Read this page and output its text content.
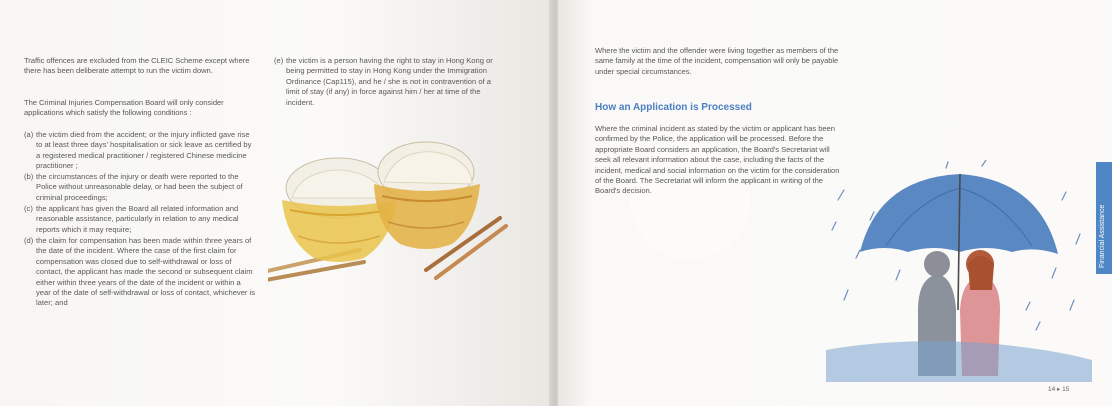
Traffic offences are excluded from the CLEIC Scheme except where there has been deliberate attempt to run the victim down.

The Criminal Injuries Compensation Board will only consider applications which satisfy the following conditions :

(a) the victim died from the accident; or the injury inflicted gave rise to at least three days' hospitalisation or sick leave as certified by a registered medical practitioner / registered Chinese medicine practitioner ;
(b) the circumstances of the injury or death were reported to the Police without unreasonable delay, or had been the subject of criminal proceedings;
(c) the applicant has given the Board all related information and reasonable assistance, particularly in relation to any medical reports which it may require;
(d) the claim for compensation has been made within three years of the date of the incident. Where the case of the first claim for compensation was closed due to self-withdrawal or loss of contact, the applicant has made the second or subsequent claim either within three years of the date of the incident or within a year of the date of self-withdrawal or loss of contact, whichever is later; and
(e) the victim is a person having the right to stay in Hong Kong or being permitted to stay in Hong Kong under the Immigration Ordinance (Cap115), and he / she is not in contravention of a limit of stay (if any) in force against him / her at time of the incident.

Where the victim and the offender were living together as members of the same family at the time of the incident, compensation will only be payable under special circumstances.

How an Application is Processed

Where the criminal incident as stated by the victim or applicant has been confirmed by the Police, the application will be processed. Before the appropriate Board considers an application, the Board's Secretariat will seek all relevant information about the case, including the facts of the incident, medical and social information on the victim for the consideration of the Board. The Secretariat will inform the applicant in writing of the Board's decision.

Financial Assistance
14 ▸ 15
